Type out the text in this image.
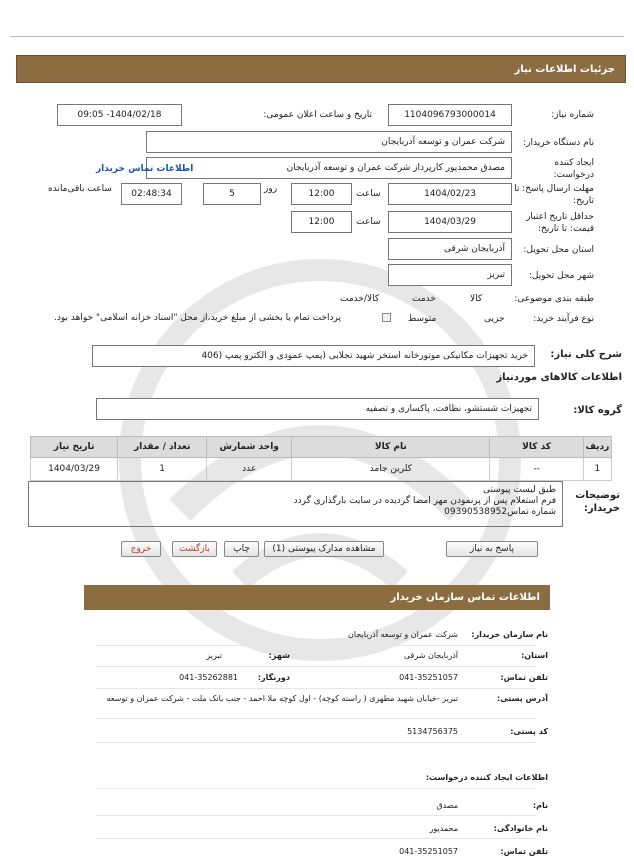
جزئیات اطلاعات نیاز
شماره نیاز:
1104096793000014
تاریخ و ساعت اعلان عمومی:
1404/02/18- 09:05
نام دستگاه خریدار:
شرکت عمران و توسعه آذربایجان
ایجاد کننده
درخواست:
مصدق محمدپور کارپرداز شرکت عمران و توسعه آذربایجان
اطلاعات تماس خریدار
مهلت ارسال پاسخ: تا
تاریخ:
1404/02/23
ساعت
12:00
روز
5
ساعت باقی‌مانده	02:48:34
حداقل تاریخ اعتبار
قیمت: تا تاریخ:
1404/03/29
ساعت
12:00
استان محل تحویل:
آذربایجان شرقی
شهر محل تحویل:
تبریز
طبقه بندی موضوعی:

کالا

خدمت

کالا/خدمت
نوع فرآیند خرید:

جزیی
متوسط
پرداخت تمام یا بخشی از مبلغ خرید،از محل "اسناد خزانه اسلامی" خواهد بود.
شرح کلی نیاز:
خرید تجهیزات مکانیکی موتورخانه استخر شهید تجلایی (پمپ عمودی و الکترو پمپ (406
اطلاعات کالاهای موردنیاز
گروه کالا:
تجهیزات شستشو، نظافت، پاکسازی و تصفیه
ردیف	کد کالا	نام کالا	واحد شمارش	تعداد / مقدار	تاریخ نیاز
1	--	کلرین جامد	عدد	1	1404/03/29
توضیحات
خریدار:
طبق لیست پیوستی
فرم استعلام پس از پرنمودن مهر امضا گردیده در سایت بارگذاری گردد
شماره تماس09390538952
پاسخ به نیاز
مشاهده مدارک پیوستی (1)
چاپ
بازگشت
خروج
اطلاعات تماس سازمان خریدار
نام سازمان خریدار:
شرکت عمران و توسعه آذربایجان
استان:
آذربایجان شرقی
شهر:
تبریز
تلفن تماس:
041-35251057
دورنگار:
041-35262881
آدرس پستی:
تبریز -خیابان شهید مطهری ( راسته کوچه) - اول کوچه ملا احمد - جنب بانک ملت - شرکت عمران و توسعه
کد پستی:
5134756375
اطلاعات ایجاد کننده درخواست:
نام:
مصدق
نام خانوادگی:
محمدپور
تلفن تماس:
041-35251057
